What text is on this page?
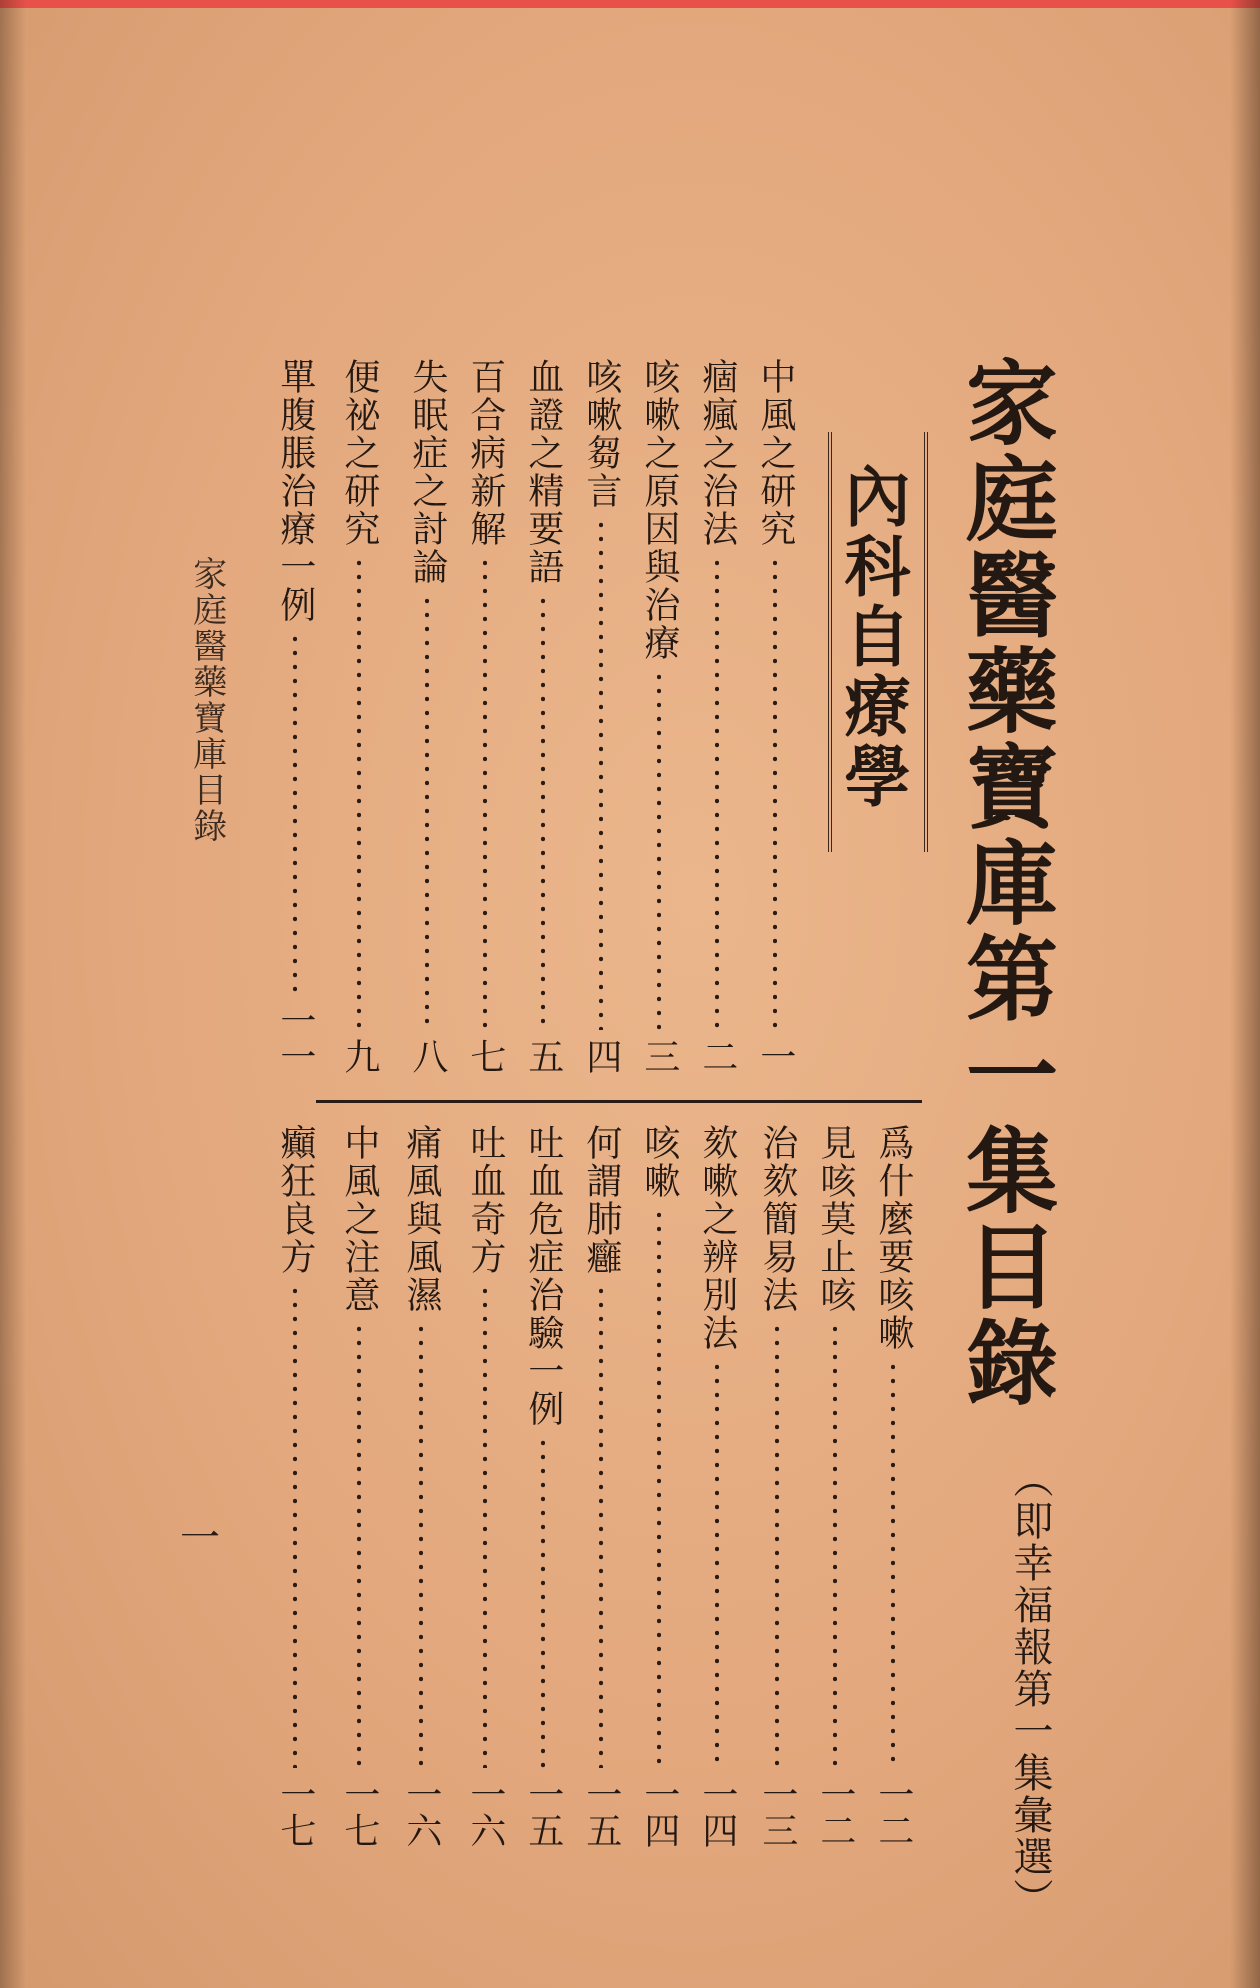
家庭醫藥寶庫第一集目錄
（即幸福報第一集彙選）
內科自療學
中風之研究
一
痼瘋之治法
二
咳嗽之原因與治療
三
咳嗽芻言
四
血證之精要語
五
百合病新解
七
失眠症之討論
八
便祕之研究
九
單腹脹治療一例
一一
爲什麼要咳嗽
一二
見咳莫止咳
一二
治欬簡易法
一三
欬嗽之辨別法
一四
咳嗽
一四
何謂肺癰
一五
吐血危症治驗一例
一五
吐血奇方
一六
痛風與風濕
一六
中風之注意
一七
癲狂良方
一七
家庭醫藥寶庫目錄
一
